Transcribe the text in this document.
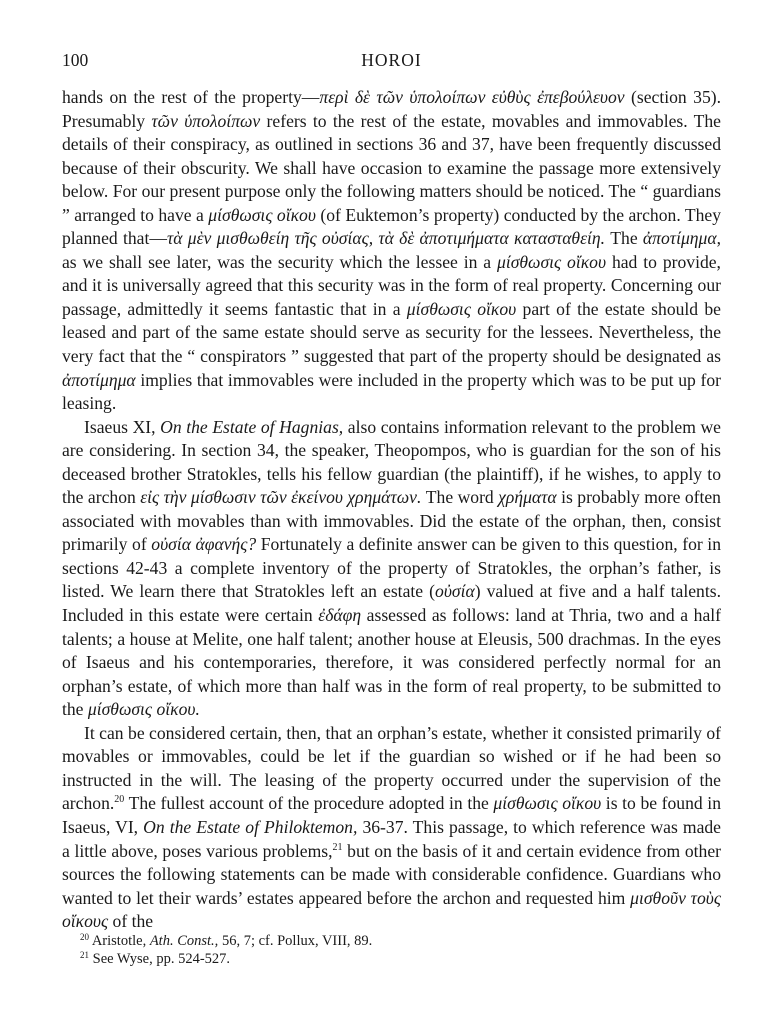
100	HOROI

hands on the rest of the property—περὶ δὲ τῶν ὑπολοίπων εὐθὺς ἐπεβούλευον (section 35). Presumably τῶν ὑπολοίπων refers to the rest of the estate, movables and immovables. The details of their conspiracy, as outlined in sections 36 and 37, have been frequently discussed because of their obscurity. We shall have occasion to examine the passage more extensively below. For our present purpose only the following matters should be noticed. The “ guardians ” arranged to have a μίσθωσις οἴκου (of Euktemon’s property) conducted by the archon. They planned that—τὰ μὲν μισθωθείη τῆς οὐσίας, τὰ δὲ ἀποτιμήματα κατασταθείη. The ἀποτίμημα, as we shall see later, was the security which the lessee in a μίσθωσις οἴκου had to provide, and it is universally agreed that this security was in the form of real property. Concerning our passage, admittedly it seems fantastic that in a μίσθωσις οἴκου part of the estate should be leased and part of the same estate should serve as security for the lessees. Nevertheless, the very fact that the “ conspirators ” suggested that part of the property should be designated as ἀποτίμημα implies that immovables were included in the property which was to be put up for leasing.

Isaeus XI, On the Estate of Hagnias, also contains information relevant to the problem we are considering. In section 34, the speaker, Theopompos, who is guardian for the son of his deceased brother Stratokles, tells his fellow guardian (the plaintiff), if he wishes, to apply to the archon εἰς τὴν μίσθωσιν τῶν ἐκείνου χρημάτων. The word χρήματα is probably more often associated with movables than with immovables. Did the estate of the orphan, then, consist primarily of οὐσία ἀφανής? Fortunately a definite answer can be given to this question, for in sections 42-43 a complete inventory of the property of Stratokles, the orphan’s father, is listed. We learn there that Stratokles left an estate (οὐσία) valued at five and a half talents. Included in this estate were certain ἐδάφη assessed as follows: land at Thria, two and a half talents; a house at Melite, one half talent; another house at Eleusis, 500 drachmas. In the eyes of Isaeus and his contemporaries, therefore, it was considered perfectly normal for an orphan’s estate, of which more than half was in the form of real property, to be submitted to the μίσθωσις οἴκου.

It can be considered certain, then, that an orphan’s estate, whether it consisted primarily of movables or immovables, could be let if the guardian so wished or if he had been so instructed in the will. The leasing of the property occurred under the supervision of the archon.$^{20}$ The fullest account of the procedure adopted in the μίσθωσις οἴκου is to be found in Isaeus, VI, On the Estate of Philoktemon, 36-37. This passage, to which reference was made a little above, poses various problems,$^{21}$ but on the basis of it and certain evidence from other sources the following statements can be made with considerable confidence. Guardians who wanted to let their wards’ estates appeared before the archon and requested him μισθοῦν τοὺς οἴκους of the

$^{20}$ Aristotle, Ath. Const., 56, 7; cf. Pollux, VIII, 89.
$^{21}$ See Wyse, pp. 524-527.
